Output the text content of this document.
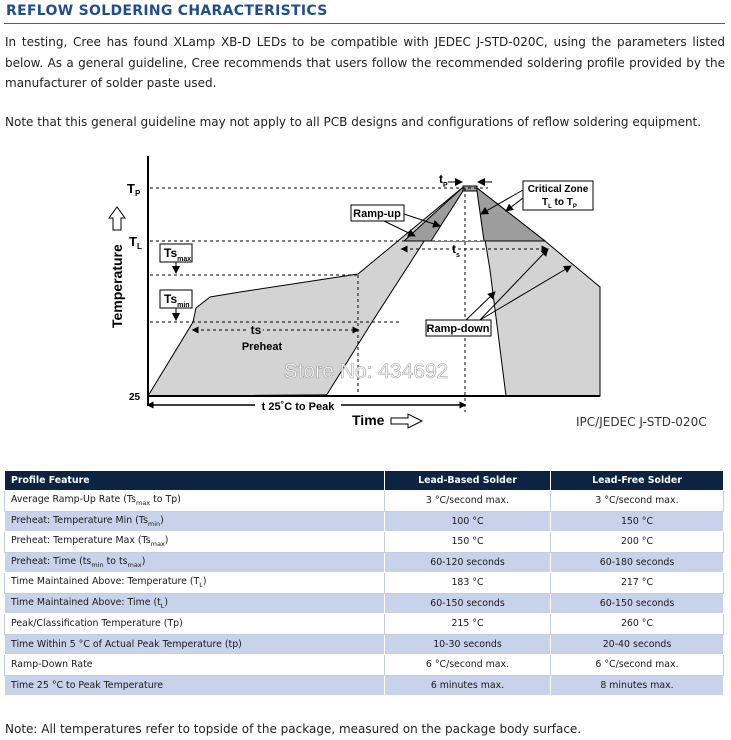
REFLOW SOLDERING CHARACTERISTICS
In testing, Cree has found XLamp XB-D LEDs to be compatible with JEDEC J-STD-020C, using the parameters listed below. As a general guideline, Cree recommends that users follow the recommended soldering profile provided by the manufacturer of solder paste used.
Note that this general guideline may not apply to all PCB designs and configurations of reflow soldering equipment.
$T_P$
$T_L$
25
Temperature	$Ts_{max}$
$Ts_{min}$
ts
Preheat
$t_s$
$t_P$
Ramp-up
Critical Zone
$T_L$ to $T_P$
Ramp-down
t 25˚C to Peak
Time
Store No: 434692
IPC/JEDEC J-STD-020C
Profile Feature	Lead-Based Solder	Lead-Free Solder
Average Ramp-Up Rate ($Ts_{max}$ to Tp)	3 °C/second max.	3 °C/second max.
Preheat: Temperature Min $(Ts_{min})$	100 °C	150 °C
Preheat: Temperature Max $(Ts_{max})$	150 °C	200 °C
Preheat: Time ($ts_{min}$ to $ts_{max}$)	60-120 seconds	60-180 seconds
Time Maintained Above: Temperature $(T_L)$	183 °C	217 °C
Time Maintained Above: Time $(t_L)$	60-150 seconds	60-150 seconds
Peak/Classification Temperature (Tp)	215 °C	260 °C
Time Within 5 °C of Actual Peak Temperature (tp)	10-30 seconds	20-40 seconds
Ramp-Down Rate	6 °C/second max.	6 °C/second max.
Time 25 °C to Peak Temperature	6 minutes max.	8 minutes max.
Note: All temperatures refer to topside of the package, measured on the package body surface.
